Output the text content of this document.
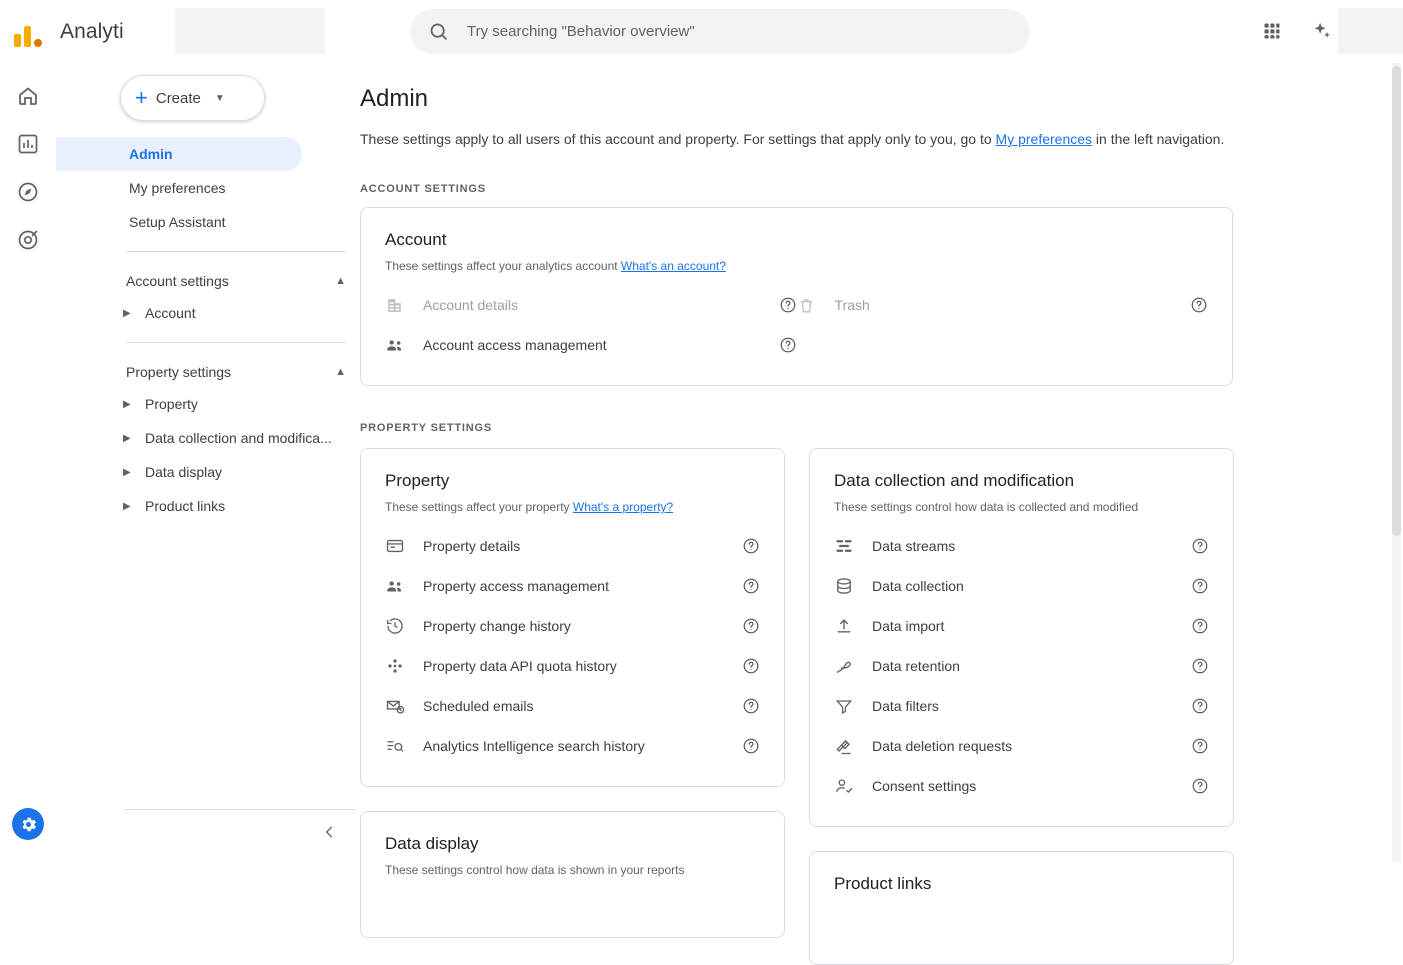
Analyti
Try searching "Behavior overview"
+ Create ▼
Admin
My preferences
Setup Assistant
Account settings	▲
▶ Account
Property settings	▲
▶ Property
▶ Data collection and modifica...
▶ Data display
▶ Product links
Admin
These settings apply to all users of this account and property. For settings that apply only to you, go to My preferences in the left navigation.
ACCOUNT SETTINGS
Account
These settings affect your analytics account What's an account?
Account details
Account access management
Trash
PROPERTY SETTINGS
Property
These settings affect your property What's a property?
Property details
Property access management
Property change history
Property data API quota history
Scheduled emails
Analytics Intelligence search history
Data display
These settings control how data is shown in your reports
Data collection and modification
These settings control how data is collected and modified
Data streams
Data collection
Data import
Data retention
Data filters
Data deletion requests
Consent settings
Product links
